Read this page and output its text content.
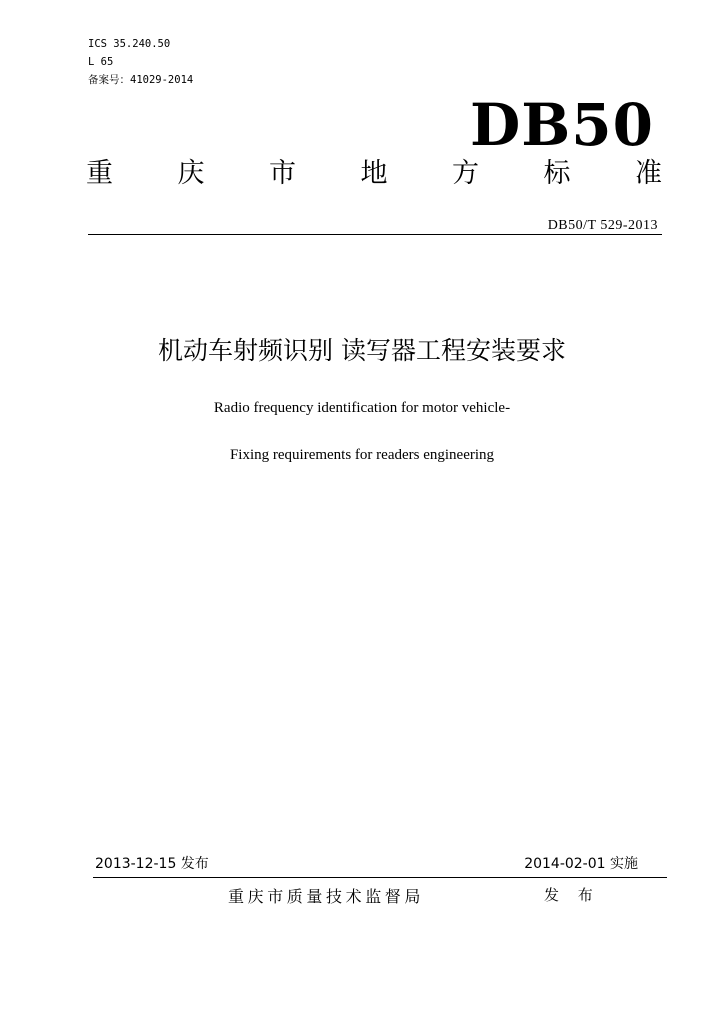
ICS 35.240.50
L 65
备案号：41029-2014
DB50
重 庆 市 地 方 标 准
DB50/T 529-2013
机动车射频识别 读写器工程安装要求
Radio frequency identification for motor vehicle-
Fixing requirements for readers engineering
2013-12-15 发布	2014-02-01 实施
重庆市质量技术监督局	发 布
